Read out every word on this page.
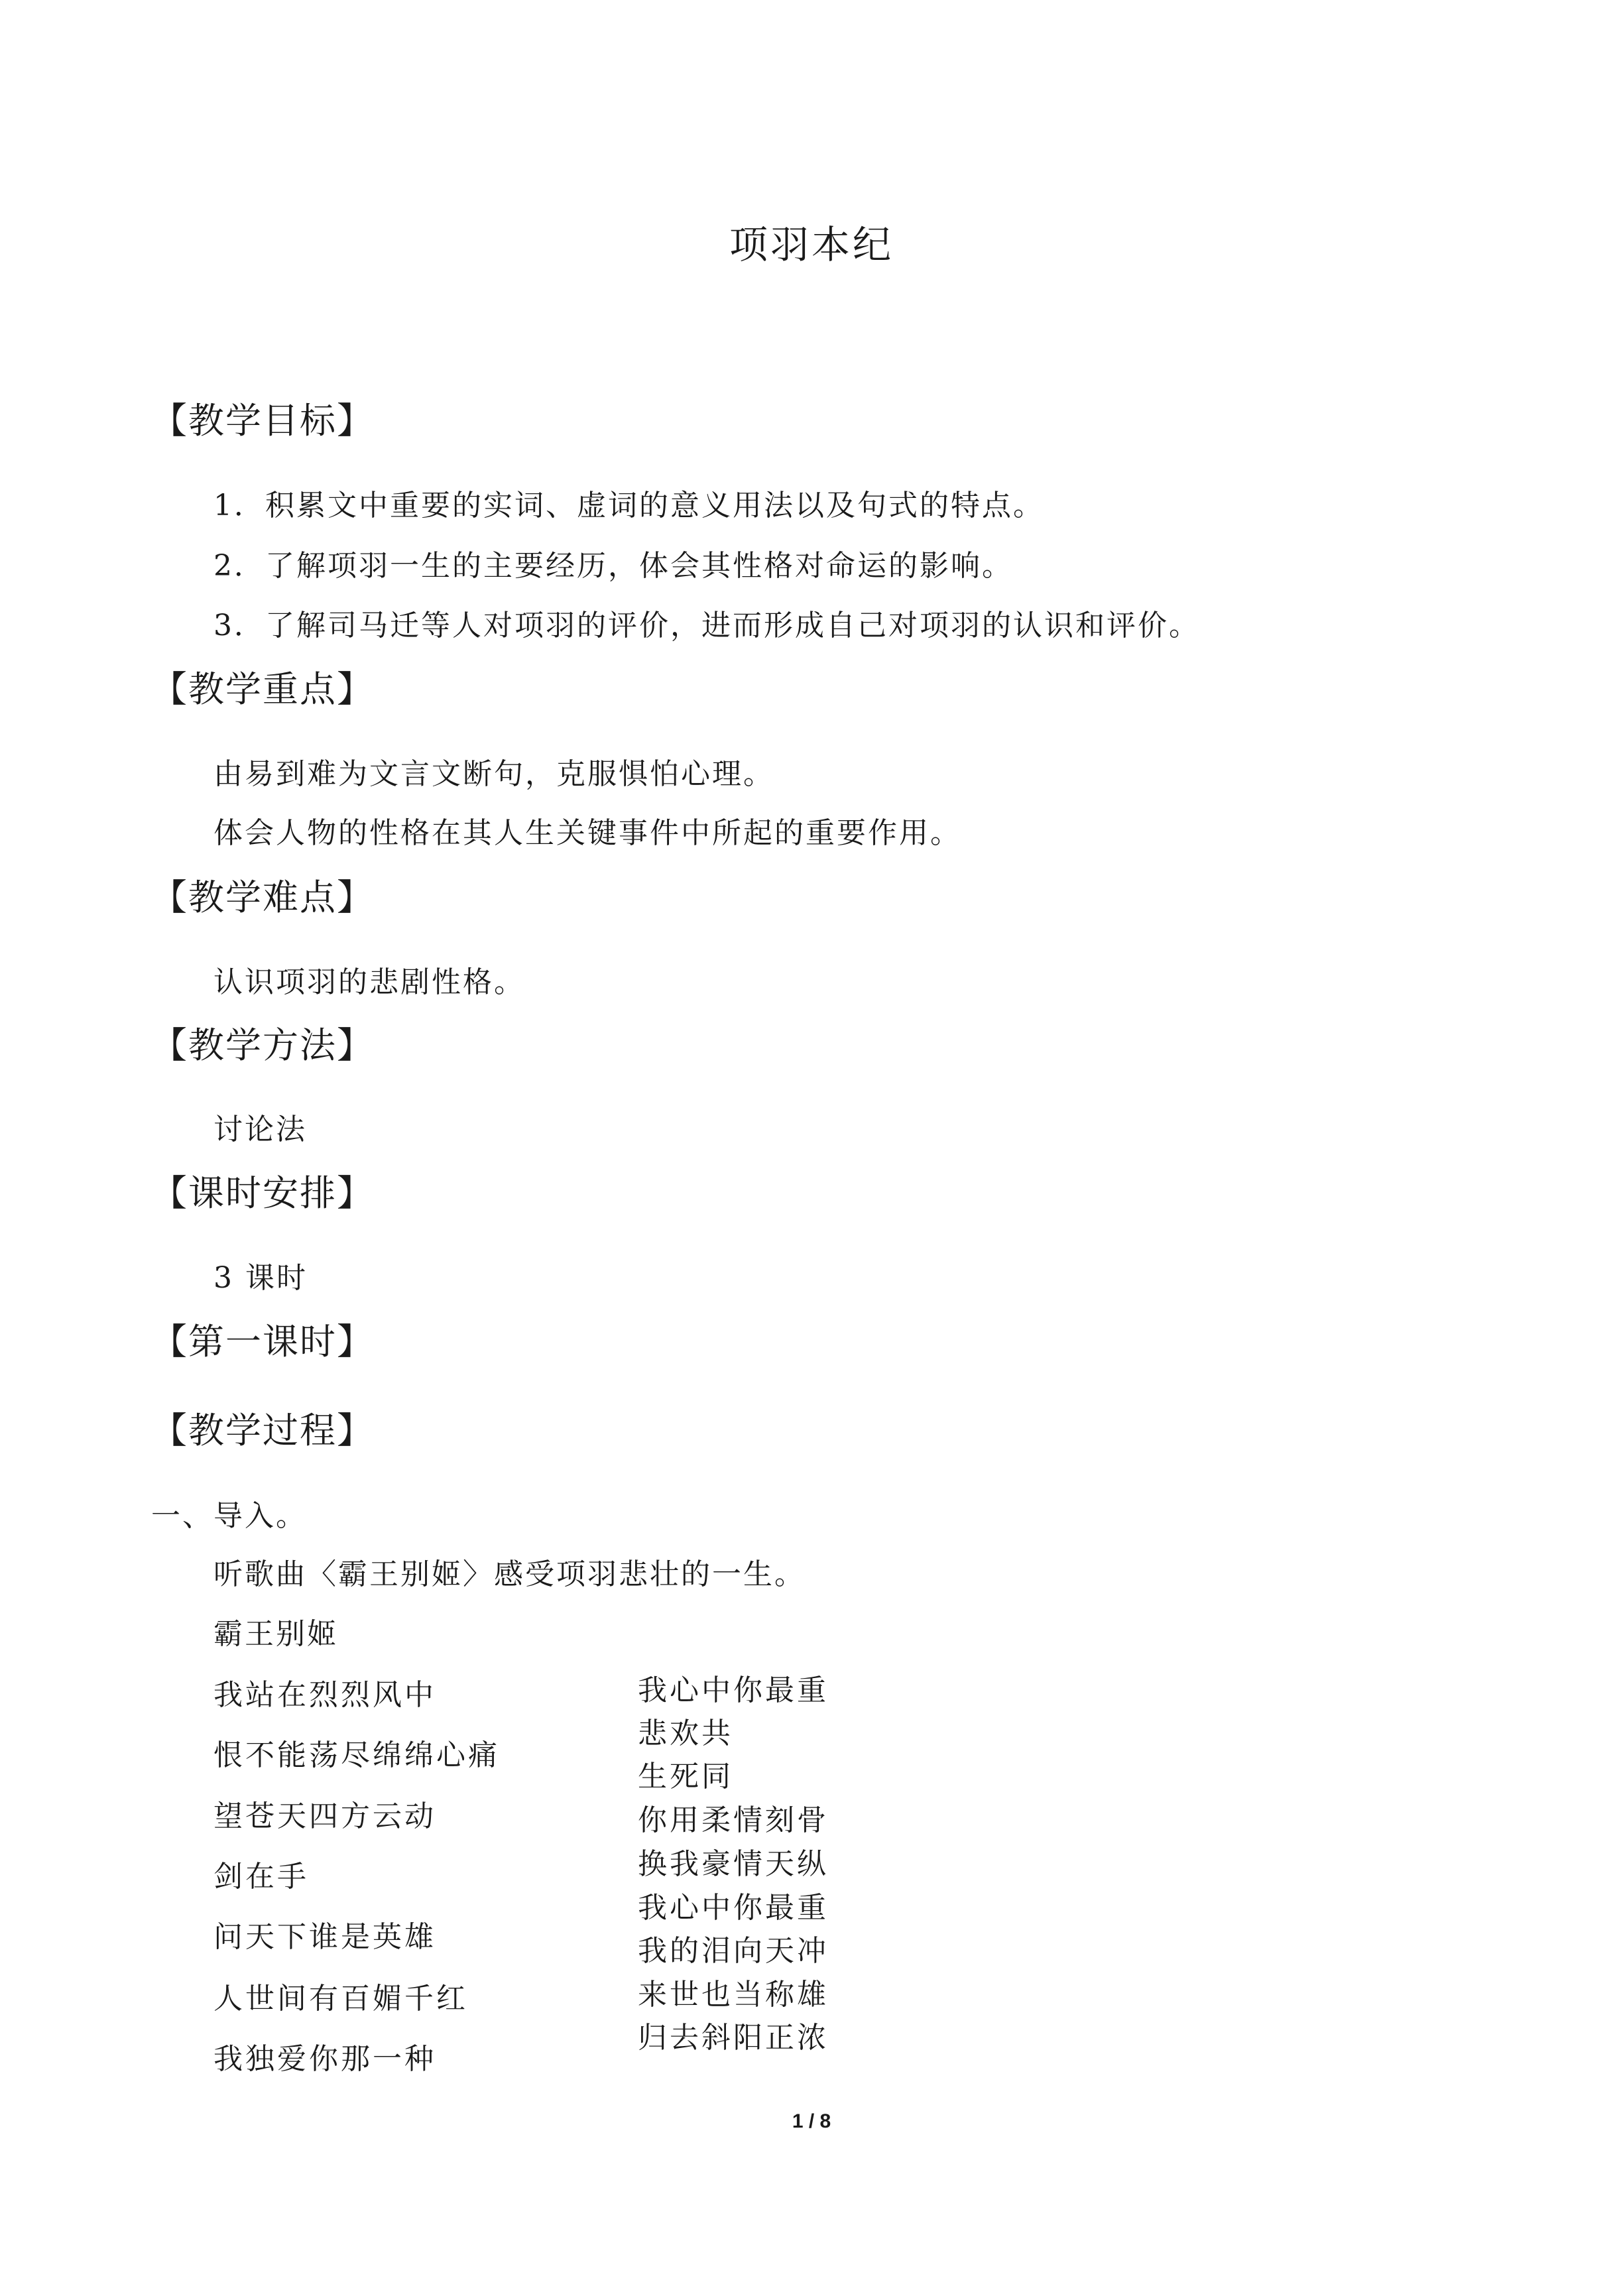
项羽本纪
【教学目标】
1．积累文中重要的实词、虚词的意义用法以及句式的特点。
2．了解项羽一生的主要经历，体会其性格对命运的影响。
3．了解司马迁等人对项羽的评价，进而形成自己对项羽的认识和评价。
【教学重点】
由易到难为文言文断句，克服惧怕心理。
体会人物的性格在其人生关键事件中所起的重要作用。
【教学难点】
认识项羽的悲剧性格。
【教学方法】
讨论法
【课时安排】
3 课时
【第一课时】
【教学过程】
一、导入。
听歌曲〈霸王别姬〉感受项羽悲壮的一生。
霸王别姬
我站在烈烈风中
恨不能荡尽绵绵心痛
望苍天四方云动
剑在手
问天下谁是英雄
人世间有百媚千红
我独爱你那一种
我心中你最重
悲欢共
生死同
你用柔情刻骨
换我豪情天纵
我心中你最重
我的泪向天冲
来世也当称雄
归去斜阳正浓
1 / 8
